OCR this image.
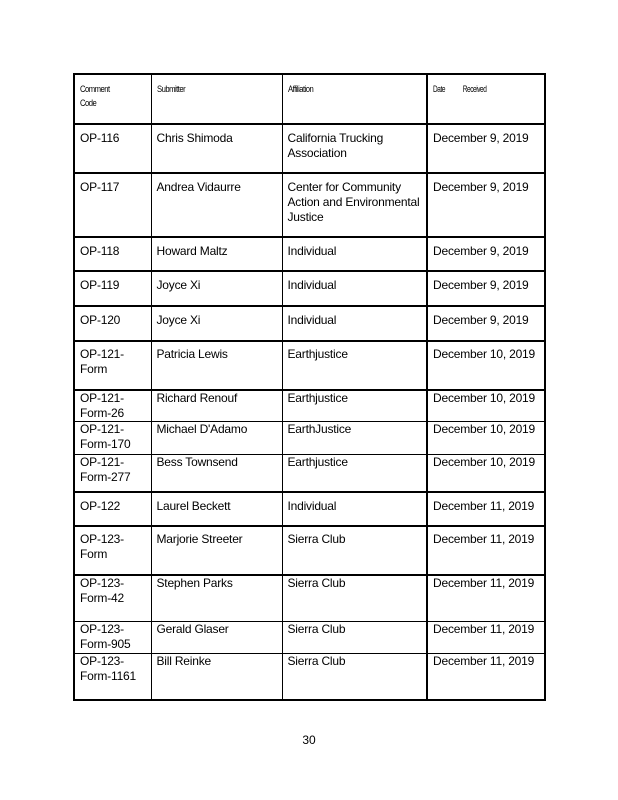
Comment Code	Submitter	Affiliation	Date Received
OP-116	Chris Shimoda	California Trucking Association	December 9, 2019
OP-117	Andrea Vidaurre	Center for Community Action and Environmental Justice	December 9, 2019
OP-118	Howard Maltz	Individual	December 9, 2019
OP-119	Joyce Xi	Individual	December 9, 2019
OP-120	Joyce Xi	Individual	December 9, 2019
OP-121-Form	Patricia Lewis	Earthjustice	December 10, 2019
OP-121-Form-26	Richard Renouf	Earthjustice	December 10, 2019
OP-121-Form-170	Michael D'Adamo	EarthJustice	December 10, 2019
OP-121-Form-277	Bess Townsend	Earthjustice	December 10, 2019
OP-122	Laurel Beckett	Individual	December 11, 2019
OP-123-Form	Marjorie Streeter	Sierra Club	December 11, 2019
OP-123-Form-42	Stephen Parks	Sierra Club	December 11, 2019
OP-123-Form-905	Gerald Glaser	Sierra Club	December 11, 2019
OP-123-Form-1161	Bill Reinke	Sierra Club	December 11, 2019
30
